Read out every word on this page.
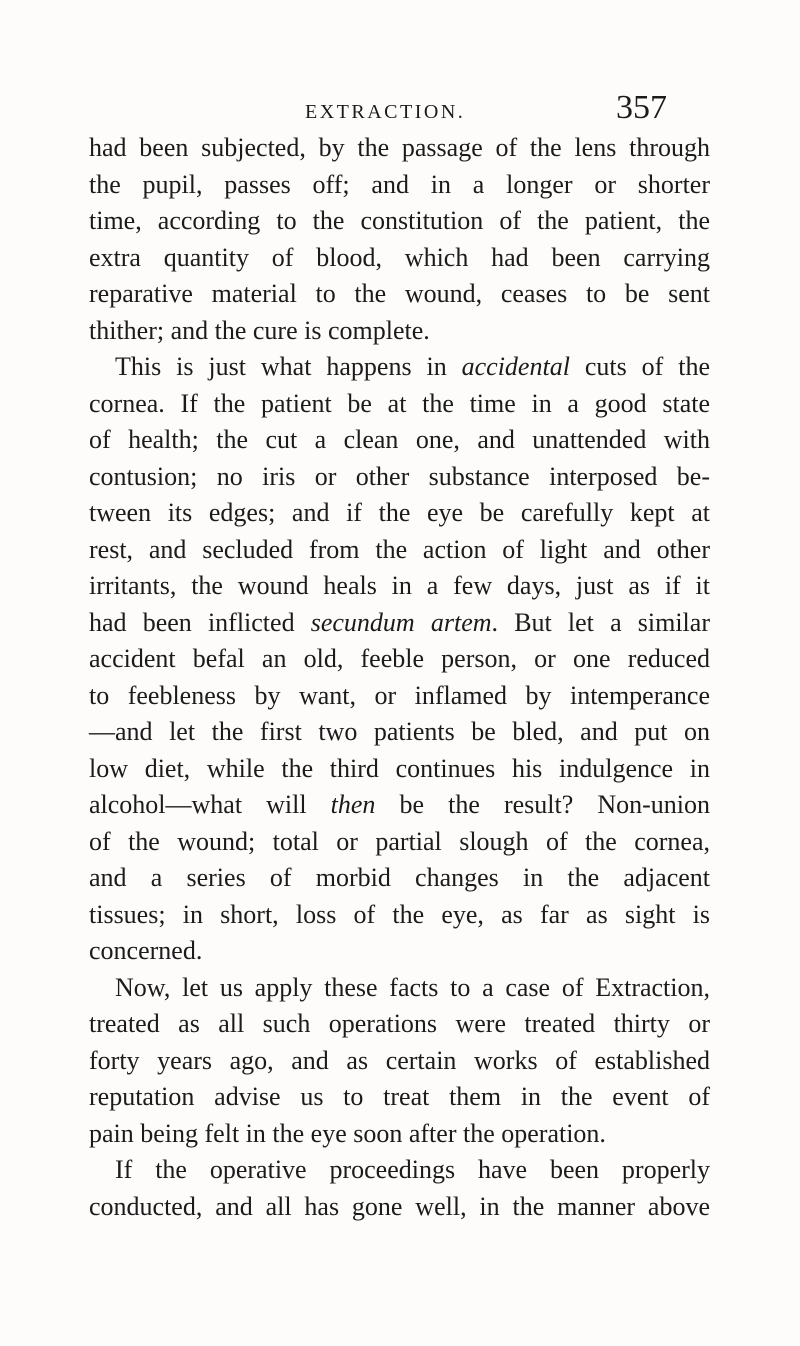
EXTRACTION.	357
had been subjected, by the passage of the lens through
the pupil, passes off; and in a longer or shorter
time, according to the constitution of the patient, the
extra quantity of blood, which had been carrying
reparative material to the wound, ceases to be sent
thither; and the cure is complete.
This is just what happens in accidental cuts of the
cornea. If the patient be at the time in a good state
of health; the cut a clean one, and unattended with
contusion; no iris or other substance interposed be-
tween its edges; and if the eye be carefully kept at
rest, and secluded from the action of light and other
irritants, the wound heals in a few days, just as if it
had been inflicted secundum artem. But let a similar
accident befal an old, feeble person, or one reduced
to feebleness by want, or inflamed by intemperance
—and let the first two patients be bled, and put on
low diet, while the third continues his indulgence in
alcohol—what will then be the result? Non-union
of the wound; total or partial slough of the cornea,
and a series of morbid changes in the adjacent
tissues; in short, loss of the eye, as far as sight is
concerned.
Now, let us apply these facts to a case of Extraction,
treated as all such operations were treated thirty or
forty years ago, and as certain works of established
reputation advise us to treat them in the event of
pain being felt in the eye soon after the operation.
If the operative proceedings have been properly
conducted, and all has gone well, in the manner above
